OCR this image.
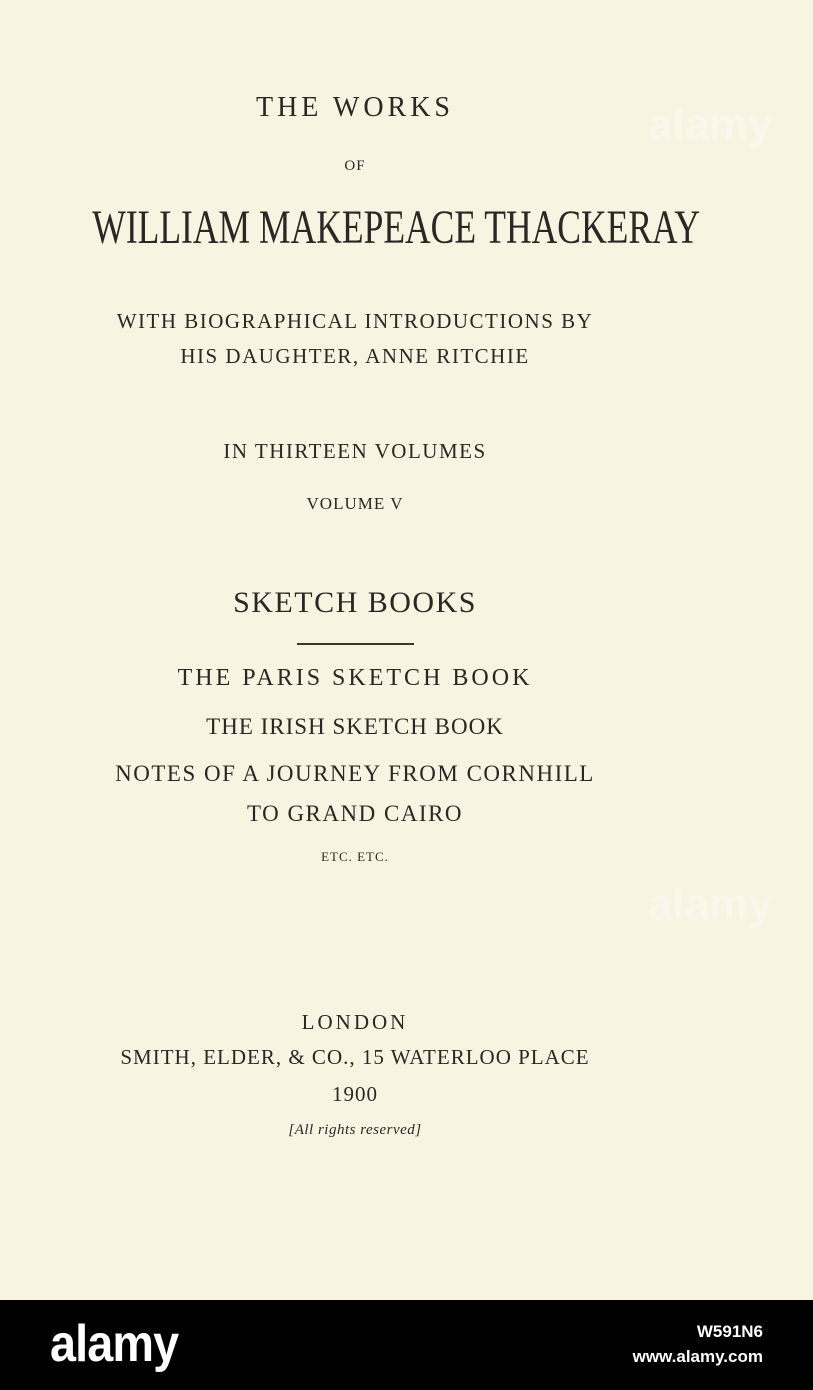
THE WORKS
OF
WILLIAM MAKEPEACE THACKERAY
WITH BIOGRAPHICAL INTRODUCTIONS BY
HIS DAUGHTER, ANNE RITCHIE
IN THIRTEEN VOLUMES
VOLUME V
SKETCH BOOKS
THE PARIS SKETCH BOOK
THE IRISH SKETCH BOOK
NOTES OF A JOURNEY FROM CORNHILL
TO GRAND CAIRO
ETC. ETC.
LONDON
SMITH, ELDER, & CO., 15 WATERLOO PLACE
1900
[All rights reserved]
alamy
alamy
alamy	W591N6
www.alamy.com
